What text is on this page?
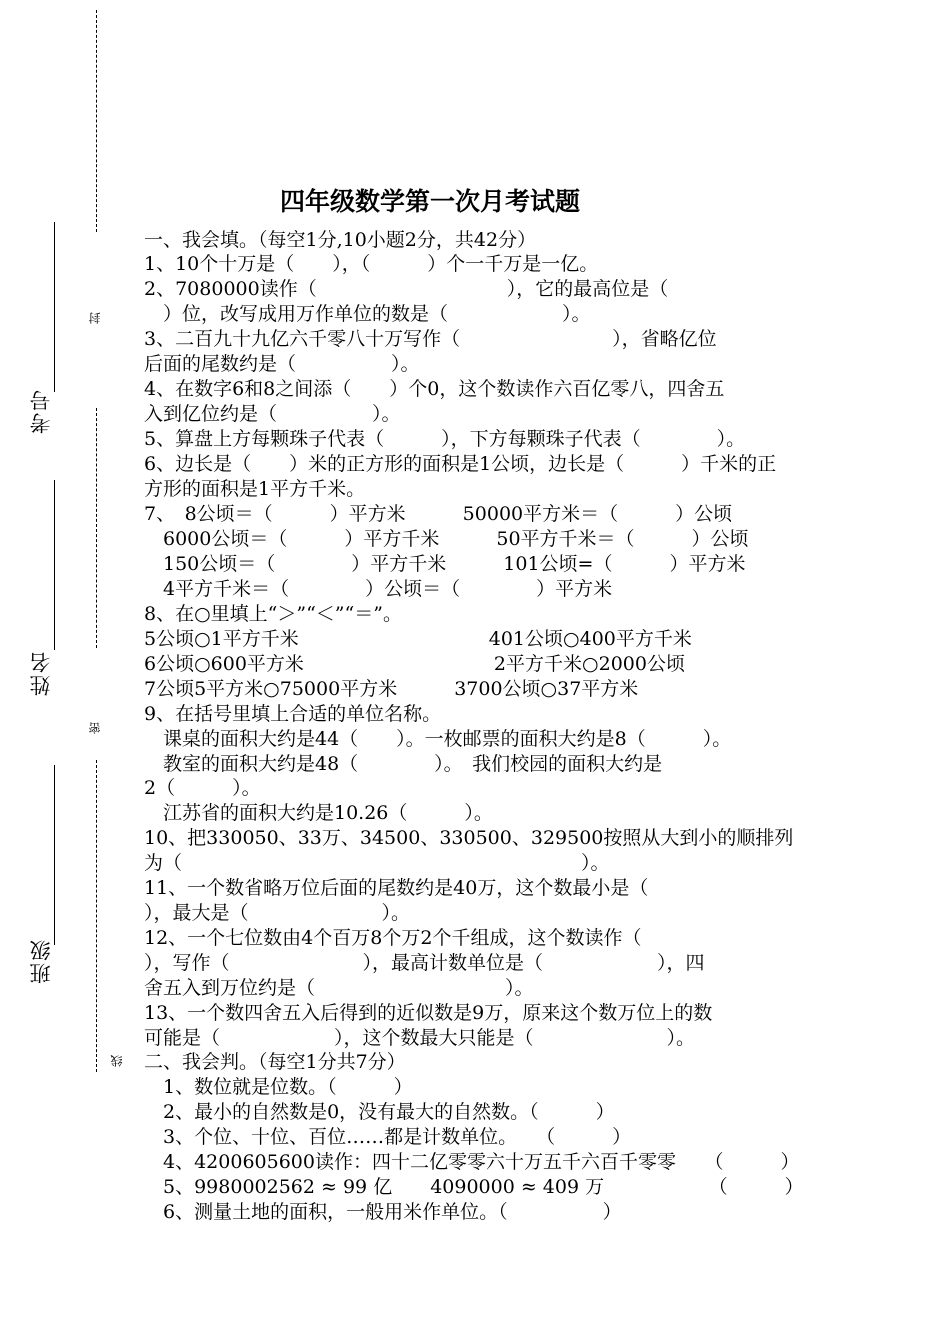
封
密
线
考号
姓名
班级
四年级数学第一次月考试题
一、我会填。（每空1分,10小题2分，共42分）
1、10个十万是（　　），（　　　）个一千万是一亿。
2、7080000读作（　　　　　　　　　　），它的最高位是（
　）位，改写成用万作单位的数是（　　　　　　）。
3、二百九十九亿六千零八十万写作（　　　　　　　　），省略亿位
后面的尾数约是（　　　　　）。
4、在数字6和8之间添（　　）个0，这个数读作六百亿零八，四舍五
入到亿位约是（　　　　　）。
5、算盘上方每颗珠子代表（　　　），下方每颗珠子代表（　　　　）。
6、边长是（　　）米的正方形的面积是1公顷，边长是（　　　）千米的正
方形的面积是1平方千米。
7、　8公顷＝（　　　）平方米　　　50000平方米＝（　　　）公顷
　6000公顷＝（　　　）平方千米　　　50平方千米＝（　　　）公顷
　150公顷＝（　　　　）平方千米　　　101公顷=（　　　）平方米
　4平方千米＝（　　　　）公顷＝（　　　　）平方米
8、在○里填上“＞”“＜”“＝”。
5公顷○1平方千米　　　　　　　　　　401公顷○400平方千米
6公顷○600平方米　　　　　　　　　　2平方千米○2000公顷
7公顷5平方米○75000平方米　　　3700公顷○37平方米
9、在括号里填上合适的单位名称。
　课桌的面积大约是44（　　）。一枚邮票的面积大约是8（　　　）。
　教室的面积大约是48（　　　　）。　我们校园的面积大约是
2（　　　）。
　江苏省的面积大约是10.26（　　　）。
10、把330050、33万、34500、330500、329500按照从大到小的顺排列
为（　　　　　　　　　　　　　　　　　　　　　）。
11、一个数省略万位后面的尾数约是40万，这个数最小是（
），最大是（　　　　　　　）。
12、一个七位数由4个百万8个万2个千组成，这个数读作（
），写作（　　　　　　　），最高计数单位是（　　　　　　），四
舍五入到万位约是（　　　　　　　　　　）。
13、一个数四舍五入后得到的近似数是9万，原来这个数万位上的数
可能是（　　　　　　），这个数最大只能是（　　　　　　　）。
二、我会判。（每空1分共7分）
　1、数位就是位数。（　　　）
　2、最小的自然数是0，没有最大的自然数。（　　　）
　3、个位、十位、百位……都是计数单位。　　（　　　）
　4、4200605600读作：四十二亿零零六十万五千六百千零零　　（　　　）
　5、9980002562 ≈ 99 亿　　4090000 ≈ 409 万　　　　　　（　　　）
　6、测量土地的面积，一般用米作单位。（　　　　　）
